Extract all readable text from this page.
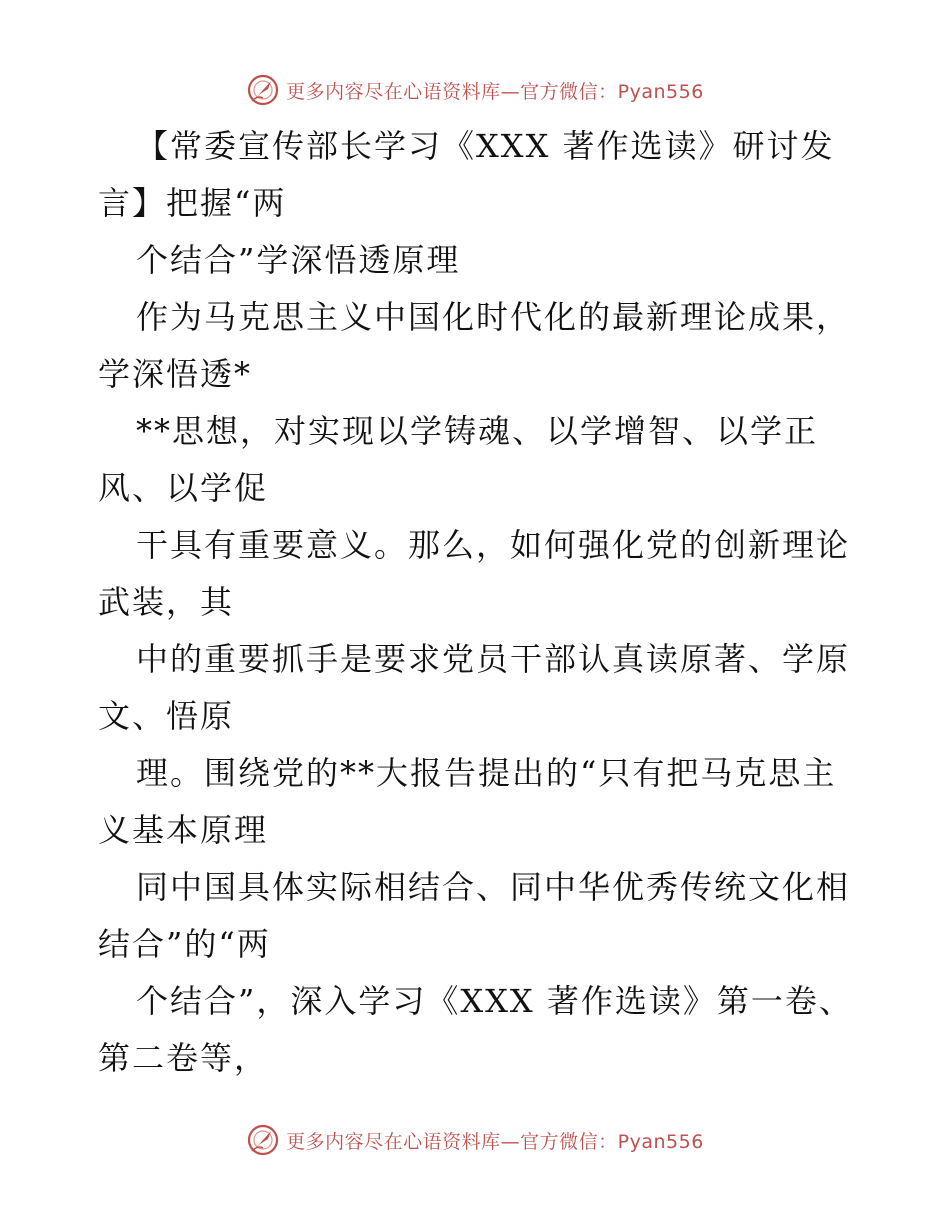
更多内容尽在心语资料库—官方微信：Pyan556
【常委宣传部长学习《XXX 著作选读》研讨发
言】把握“两
个结合”学深悟透原理
作为马克思主义中国化时代化的最新理论成果，
学深悟透*
**思想，对实现以学铸魂、以学增智、以学正
风、以学促
干具有重要意义。那么，如何强化党的创新理论
武装，其
中的重要抓手是要求党员干部认真读原著、学原
文、悟原
理。围绕党的**大报告提出的“只有把马克思主
义基本原理
同中国具体实际相结合、同中华优秀传统文化相
结合”的“两
个结合”，深入学习《XXX 著作选读》第一卷、
第二卷等，
更多内容尽在心语资料库—官方微信：Pyan556
